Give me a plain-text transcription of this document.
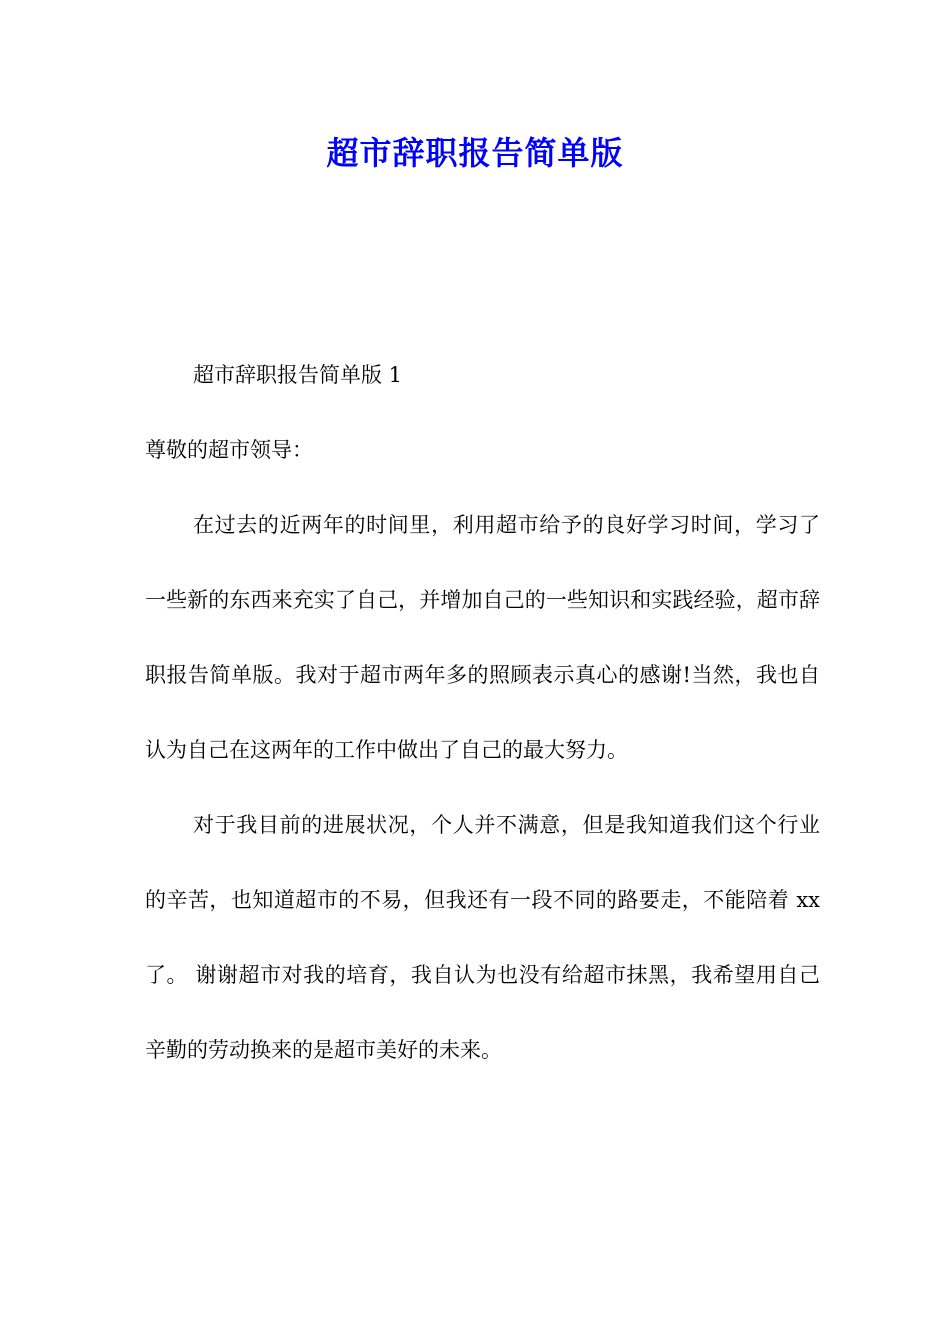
超市辞职报告简单版

超市辞职报告简单版 1

尊敬的超市领导：

在过去的近两年的时间里，利用超市给予的良好学习时间，学习了一些新的东西来充实了自己，并增加自己的一些知识和实践经验，超市辞职报告简单版。我对于超市两年多的照顾表示真心的感谢!当然，我也自认为自己在这两年的工作中做出了自己的最大努力。

对于我目前的进展状况，个人并不满意，但是我知道我们这个行业的辛苦，也知道超市的不易，但我还有一段不同的路要走，不能陪着 xx 了。 谢谢超市对我的培育，我自认为也没有给超市抹黑，我希望用自己辛勤的劳动换来的是超市美好的未来。
